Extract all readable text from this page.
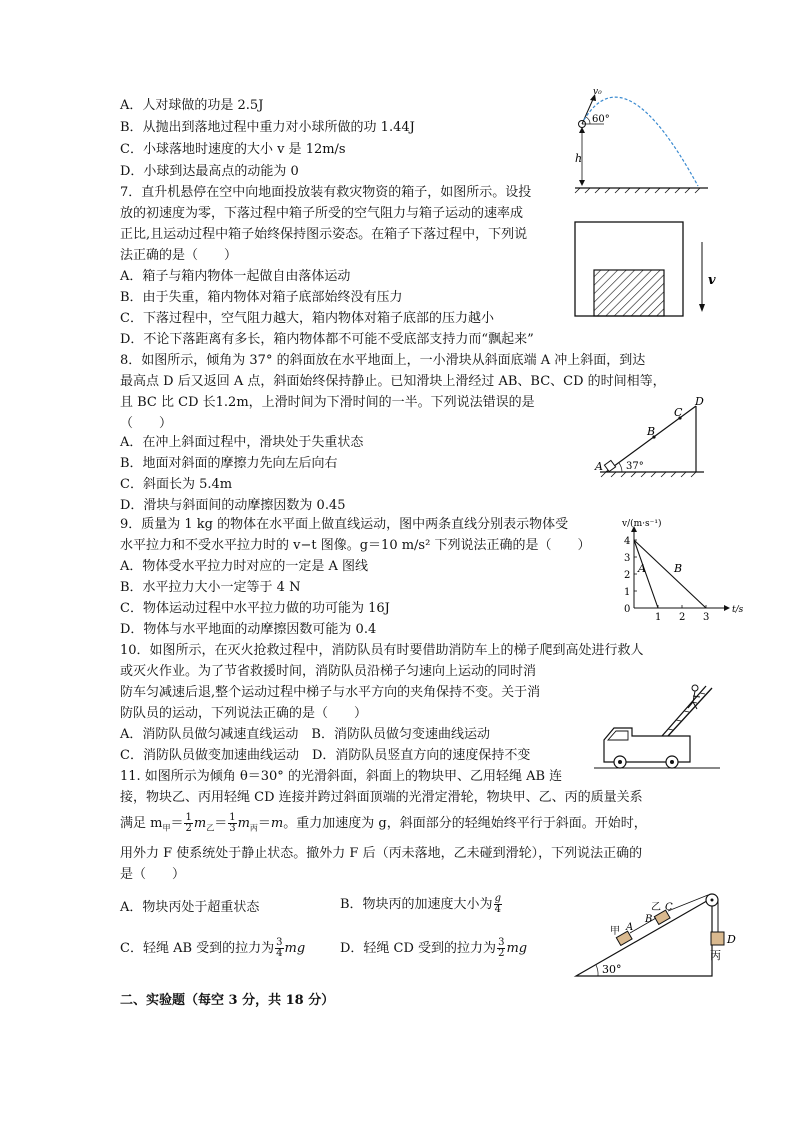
A．人对球做的功是 2.5J
B．从抛出到落地过程中重力对小球所做的功 1.44J
C．小球落地时速度的大小 v 是 12m/s
D．小球到达最高点的动能为 0
h
v₀
60°
7．直升机悬停在空中向地面投放装有救灾物资的箱子，如图所示。设投
放的初速度为零，下落过程中箱子所受的空气阻力与箱子运动的速率成
正比,且运动过程中箱子始终保持图示姿态。在箱子下落过程中，下列说
法正确的是（　　）
A．箱子与箱内物体一起做自由落体运动
B．由于失重，箱内物体对箱子底部始终没有压力
C．下落过程中，空气阻力越大，箱内物体对箱子底部的压力越小
D．不论下落距离有多长，箱内物体都不可能不受底部支持力而“飘起来”
v
8．如图所示，倾角为 37° 的斜面放在水平地面上，一小滑块从斜面底端 A 冲上斜面，到达
最高点 D 后又返回 A 点，斜面始终保持静止。已知滑块上滑经过 AB、BC、CD 的时间相等，
且 BC 比 CD 长1.2m，上滑时间为下滑时间的一半。下列说法错误的是
（　　）
A．在冲上斜面过程中，滑块处于失重状态
B．地面对斜面的摩擦力先向左后向右
C．斜面长为 5.4m
D．滑块与斜面间的动摩擦因数为 0.45
A
B
C
D
37°
9．质量为 1 kg 的物体在水平面上做直线运动，图中两条直线分别表示物体受
水平拉力和不受水平拉力时的 v−t 图像。g＝10 m/s² 下列说法正确的是（　　）
A．物体受水平拉力时对应的一定是 A 图线
B．水平拉力大小一定等于 4 N
C．物体运动过程中水平拉力做的功可能为 16J
D．物体与水平地面的动摩擦因数可能为 0.4
v/(m·s⁻¹)
t/s
0
1
2
3
4
1 2 3
A	B
10．如图所示，在灭火抢救过程中，消防队员有时要借助消防车上的梯子爬到高处进行救人
或灭火作业。为了节省救援时间，消防队员沿梯子匀速向上运动的同时消
防车匀减速后退,整个运动过程中梯子与水平方向的夹角保持不变。关于消
防队员的运动，下列说法正确的是（　　）
A．消防队员做匀减速直线运动　B．消防队员做匀变速曲线运动
C．消防队员做变加速曲线运动　D．消防队员竖直方向的速度保持不变
11. 如图所示为倾角 θ＝30° 的光滑斜面，斜面上的物块甲、乙用轻绳 AB 连
接，物块乙、丙用轻绳 CD 连接并跨过斜面顶端的光滑定滑轮，物块甲、乙、丙的质量关系
满足 $m_甲= \frac{1}{2} m_乙= \frac{1}{3} m_丙=m$。重力加速度为 g，斜面部分的轻绳始终平行于斜面。开始时，
用外力 F 使系统处于静止状态。撤外力 F 后（丙未落地，乙未碰到滑轮），下列说法正确的
是（　　）
A．物块丙处于超重状态	B．物块丙的加速度大小为 $\frac{g}{4}$
C．轻绳 AB 受到的拉力为 $\frac{3}{4}$ mg	D．轻绳 CD 受到的拉力为 $\frac{3}{2}$ mg
D
丙
甲 A
B
乙 C
30°
二、实验题（每空 3 分，共 18 分）
